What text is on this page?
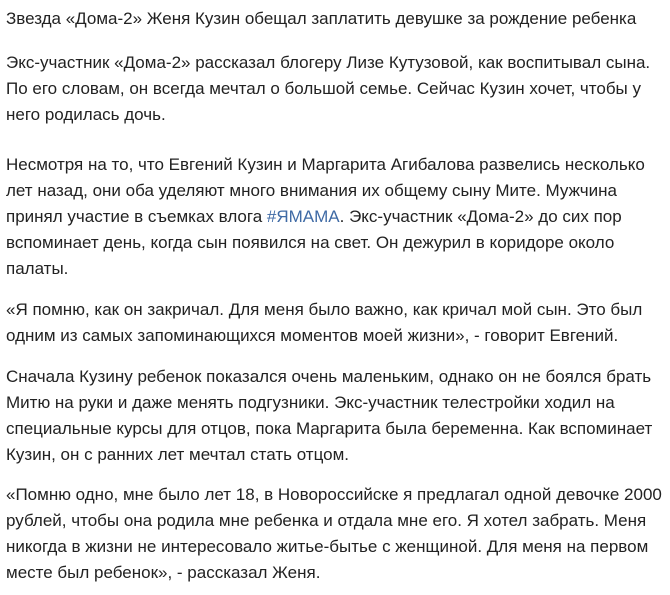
Звезда «Дома-2» Женя Кузин обещал заплатить девушке за рождение ребенка

Экс-участник «Дома-2» рассказал блогеру Лизе Кутузовой, как воспитывал сына. По его словам, он всегда мечтал о большой семье. Сейчас Кузин хочет, чтобы у него родилась дочь.

Несмотря на то, что Евгений Кузин и Маргарита Агибалова развелись несколько лет назад, они оба уделяют много внимания их общему сыну Мите. Мужчина принял участие в съемках влога #ЯМАМА. Экс-участник «Дома-2» до сих пор вспоминает день, когда сын появился на свет. Он дежурил в коридоре около палаты.

«Я помню, как он закричал. Для меня было важно, как кричал мой сын. Это был одним из самых запоминающихся моментов моей жизни», - говорит Евгений.

Сначала Кузину ребенок показался очень маленьким, однако он не боялся брать Митю на руки и даже менять подгузники. Экс-участник телестройки ходил на специальные курсы для отцов, пока Маргарита была беременна. Как вспоминает Кузин, он с ранних лет мечтал стать отцом.

«Помню одно, мне было лет 18, в Новороссийске я предлагал одной девочке 2000 рублей, чтобы она родила мне ребенка и отдала мне его. Я хотел забрать. Меня никогда в жизни не интересовало житье-бытье с женщиной. Для меня на первом месте был ребенок», - рассказал Женя.
